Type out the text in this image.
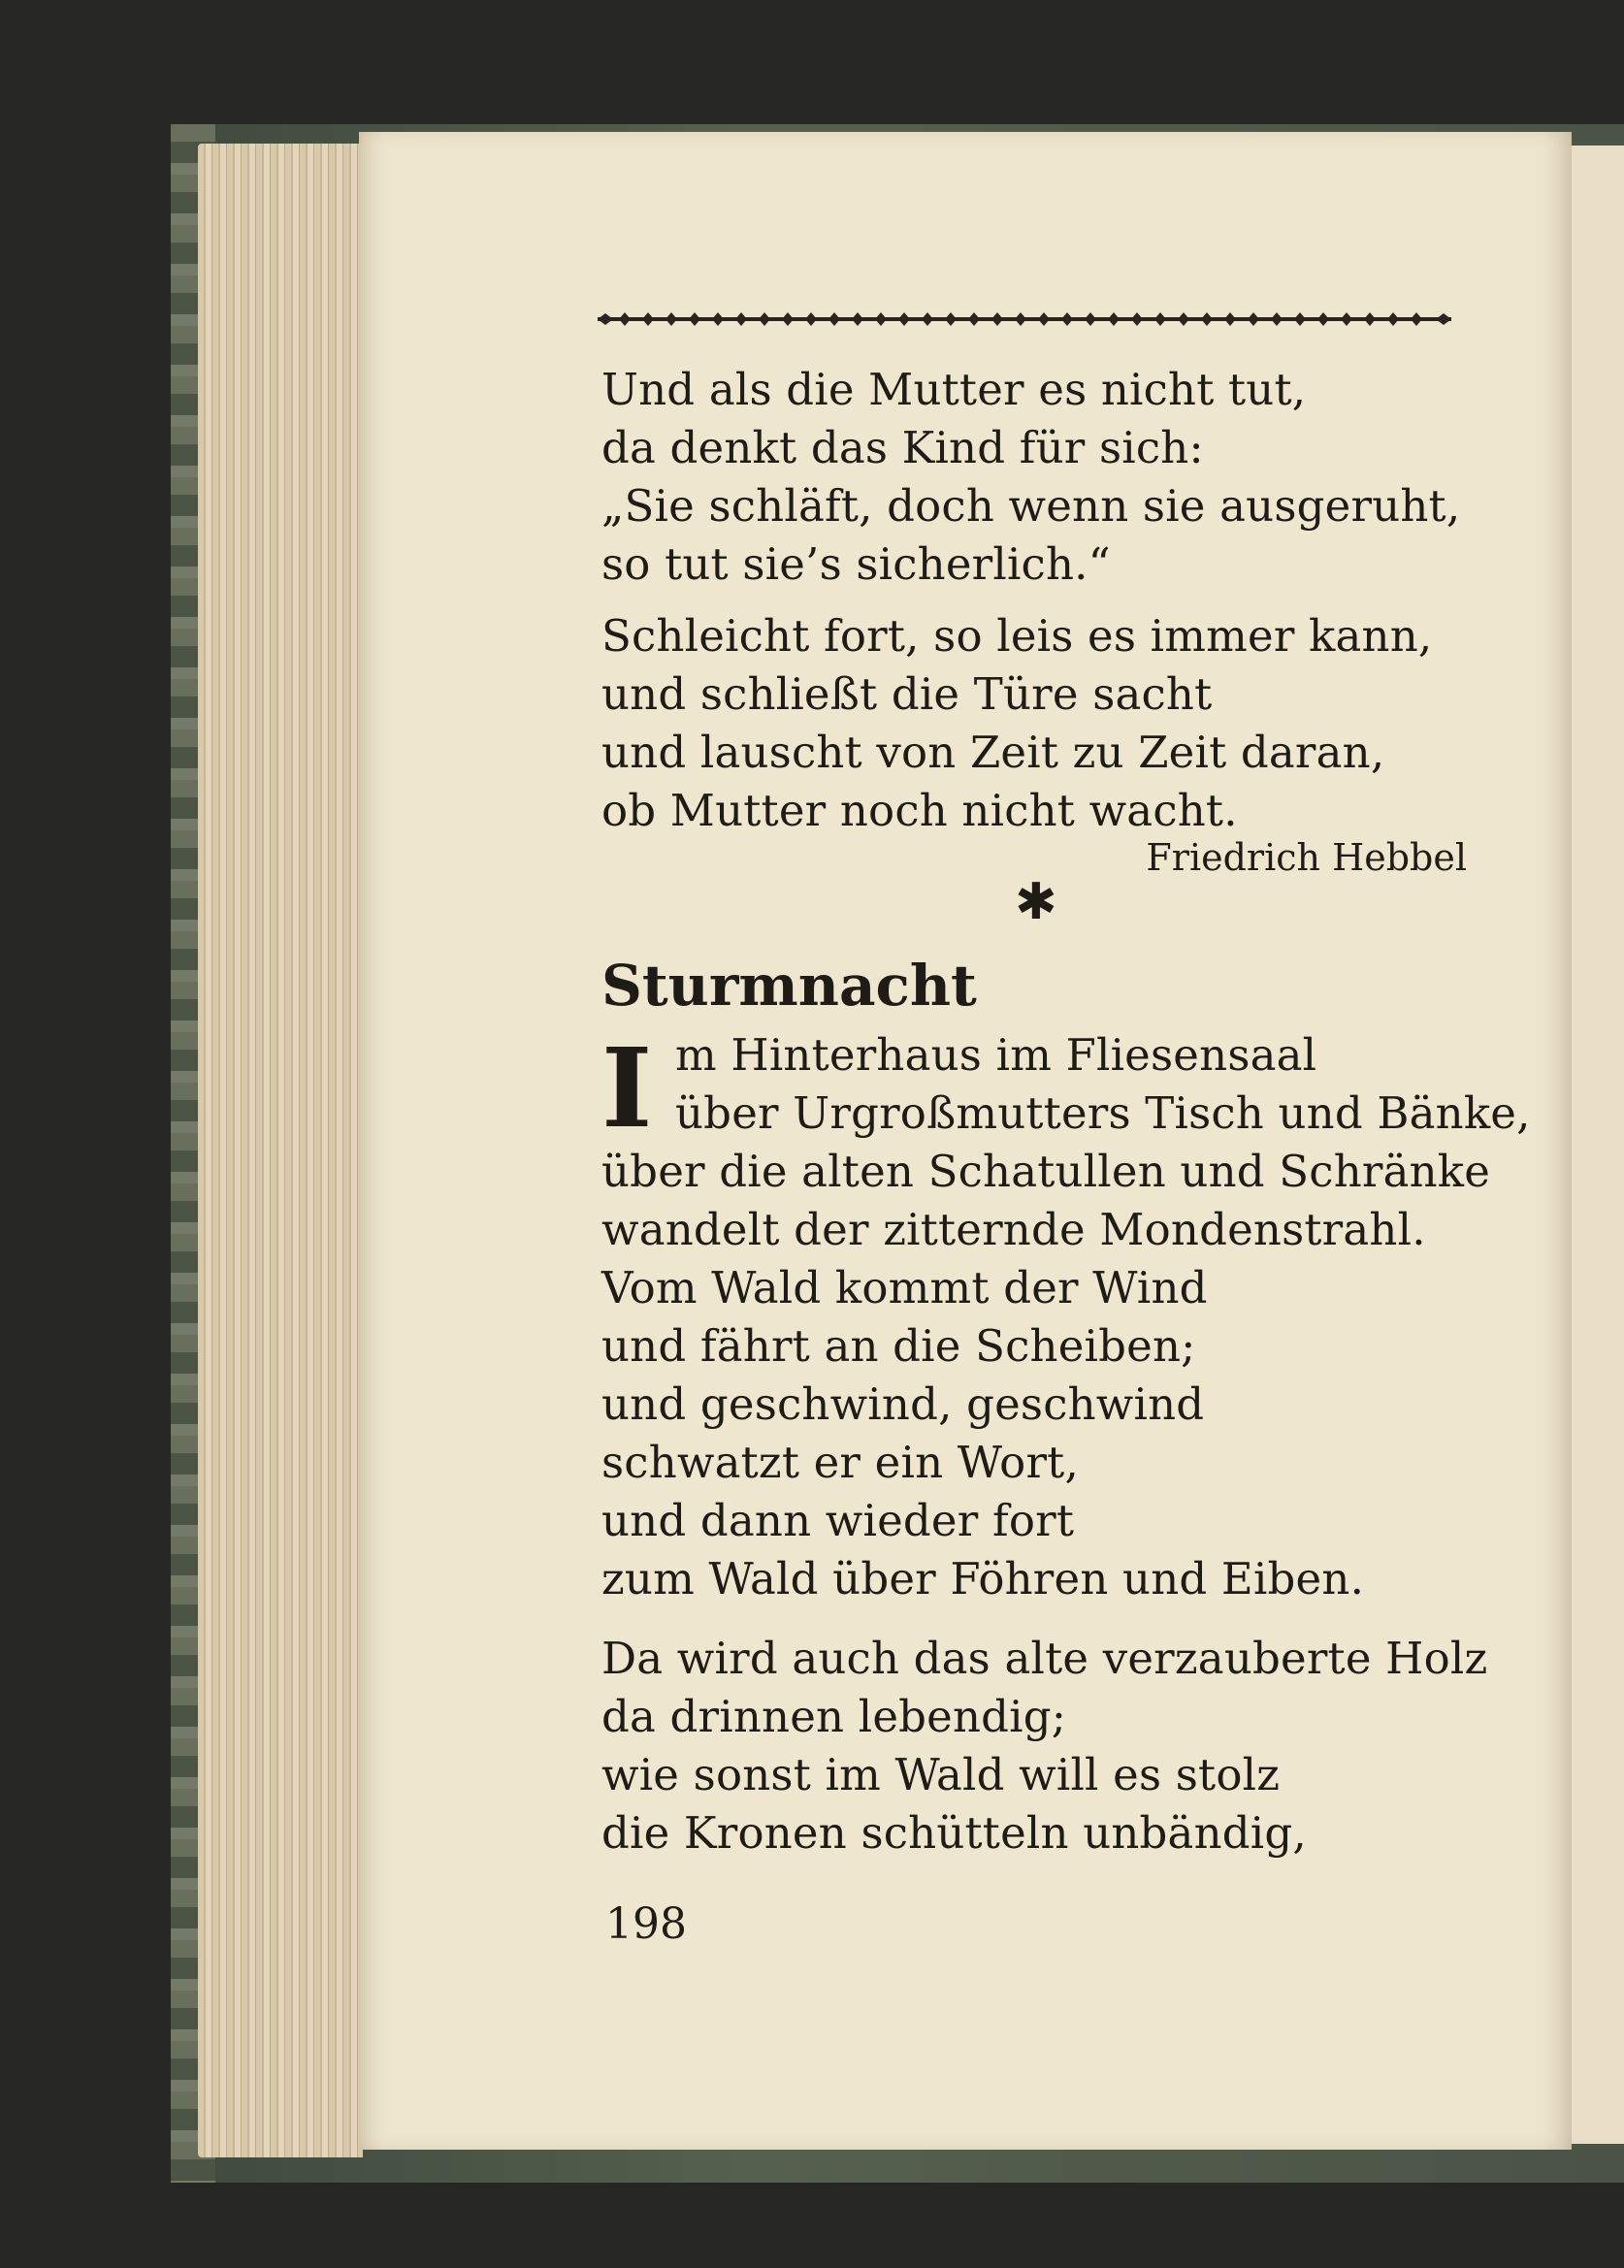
Und als die Mutter es nicht tut,
da denkt das Kind für sich:
„Sie schläft, doch wenn sie ausgeruht,
so tut sie’s sicherlich.“
Schleicht fort, so leis es immer kann,
und schließt die Türe sacht
und lauscht von Zeit zu Zeit daran,
ob Mutter noch nicht wacht.
Friedrich Hebbel
✱
Sturmnacht
I m Hinterhaus im Fliesensaal
über Urgroßmutters Tisch und Bänke,
über die alten Schatullen und Schränke
wandelt der zitternde Mondenstrahl.
Vom Wald kommt der Wind
und fährt an die Scheiben;
und geschwind, geschwind
schwatzt er ein Wort,
und dann wieder fort
zum Wald über Föhren und Eiben.
Da wird auch das alte verzauberte Holz
da drinnen lebendig;
wie sonst im Wald will es stolz
die Kronen schütteln unbändig,
198
